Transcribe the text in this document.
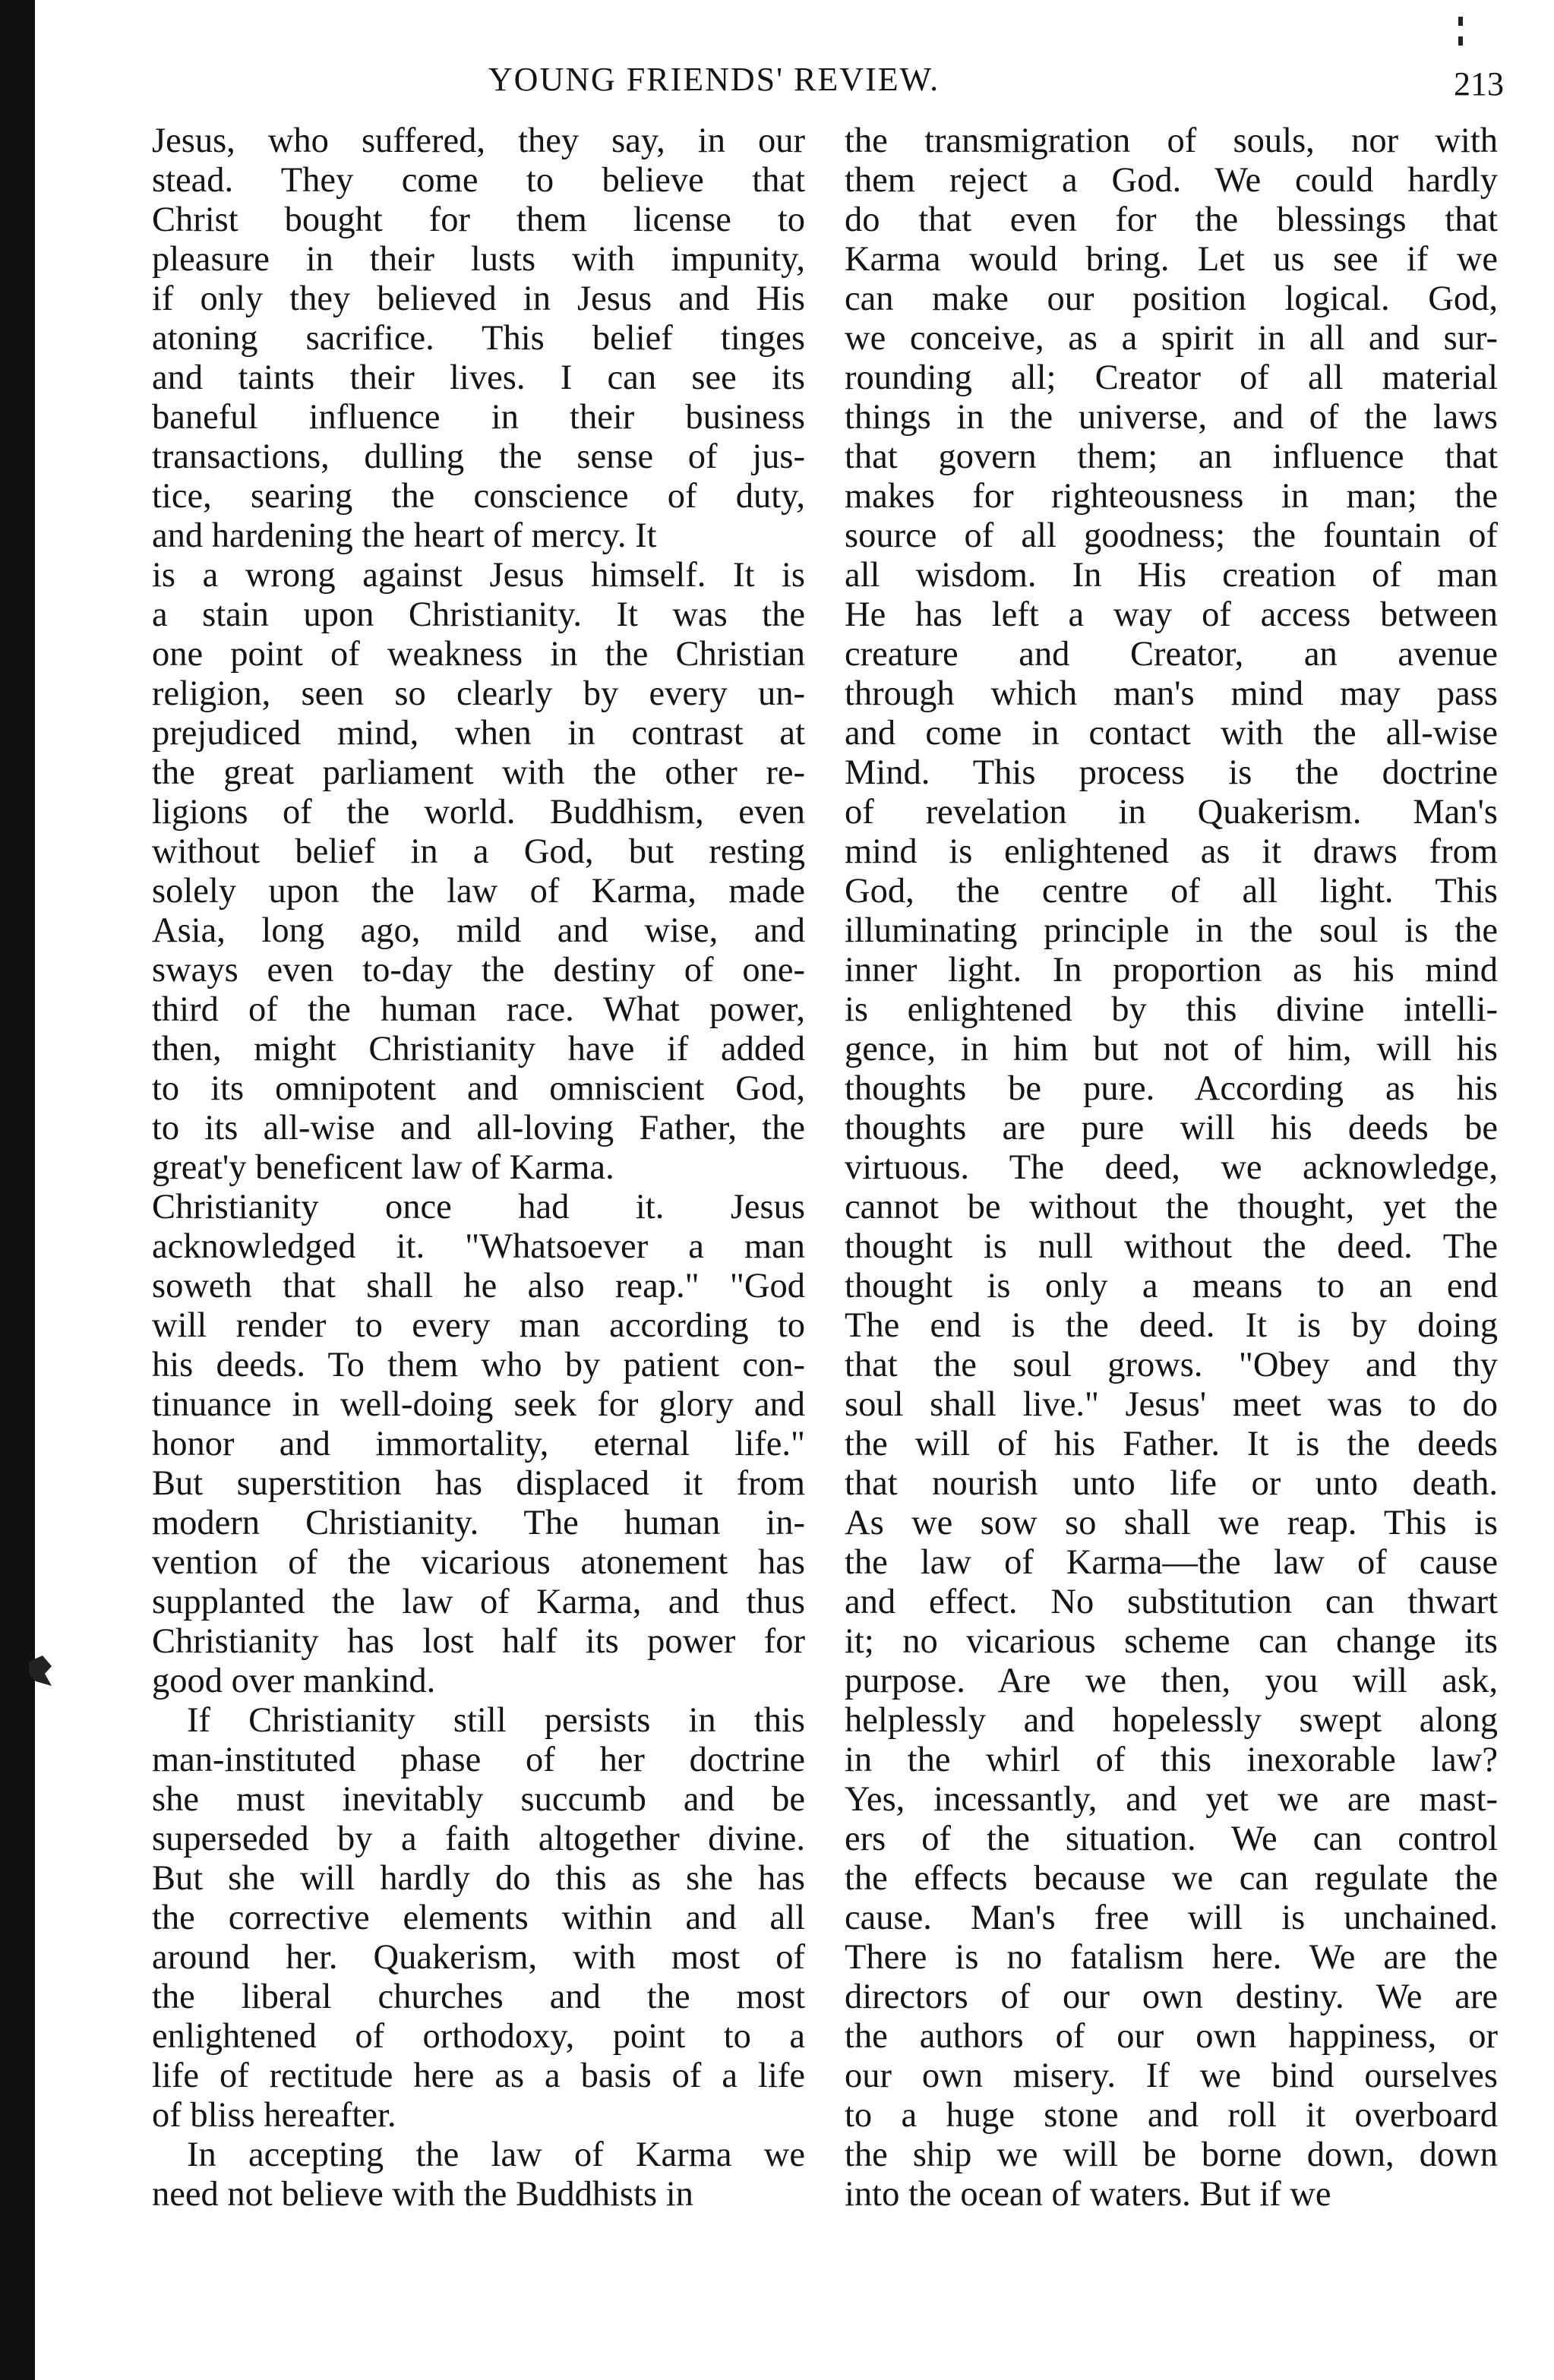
YOUNG FRIENDS' REVIEW.	213
Jesus, who suffered, they say, in our
stead. They come to believe that
Christ bought for them license to
pleasure in their lusts with impunity,
if only they believed in Jesus and His
atoning sacrifice. This belief tinges
and taints their lives. I can see its
baneful influence in their business
transactions, dulling the sense of jus-
tice, searing the conscience of duty,
and hardening the heart of mercy. It
is a wrong against Jesus himself. It is
a stain upon Christianity. It was the
one point of weakness in the Christian
religion, seen so clearly by every un-
prejudiced mind, when in contrast at
the great parliament with the other re-
ligions of the world. Buddhism, even
without belief in a God, but resting
solely upon the law of Karma, made
Asia, long ago, mild and wise, and
sways even to-day the destiny of one-
third of the human race. What power,
then, might Christianity have if added
to its omnipotent and omniscient God,
to its all-wise and all-loving Father, the
great'y beneficent law of Karma.
Christianity once had it. Jesus
acknowledged it. "Whatsoever a man
soweth that shall he also reap." "God
will render to every man according to
his deeds. To them who by patient con-
tinuance in well-doing seek for glory and
honor and immortality, eternal life."
But superstition has displaced it from
modern Christianity. The human in-
vention of the vicarious atonement has
supplanted the law of Karma, and thus
Christianity has lost half its power for
good over mankind.
If Christianity still persists in this
man-instituted phase of her doctrine
she must inevitably succumb and be
superseded by a faith altogether divine.
But she will hardly do this as she has
the corrective elements within and all
around her. Quakerism, with most of
the liberal churches and the most
enlightened of orthodoxy, point to a
life of rectitude here as a basis of a life
of bliss hereafter.
In accepting the law of Karma we
need not believe with the Buddhists in
the transmigration of souls, nor with
them reject a God. We could hardly
do that even for the blessings that
Karma would bring. Let us see if we
can make our position logical. God,
we conceive, as a spirit in all and sur-
rounding all; Creator of all material
things in the universe, and of the laws
that govern them; an influence that
makes for righteousness in man; the
source of all goodness; the fountain of
all wisdom. In His creation of man
He has left a way of access between
creature and Creator, an avenue
through which man's mind may pass
and come in contact with the all-wise
Mind. This process is the doctrine
of revelation in Quakerism. Man's
mind is enlightened as it draws from
God, the centre of all light. This
illuminating principle in the soul is the
inner light. In proportion as his mind
is enlightened by this divine intelli-
gence, in him but not of him, will his
thoughts be pure. According as his
thoughts are pure will his deeds be
virtuous. The deed, we acknowledge,
cannot be without the thought, yet the
thought is null without the deed. The
thought is only a means to an end
The end is the deed. It is by doing
that the soul grows. "Obey and thy
soul shall live." Jesus' meet was to do
the will of his Father. It is the deeds
that nourish unto life or unto death.
As we sow so shall we reap. This is
the law of Karma—the law of cause
and effect. No substitution can thwart
it; no vicarious scheme can change its
purpose. Are we then, you will ask,
helplessly and hopelessly swept along
in the whirl of this inexorable law?
Yes, incessantly, and yet we are mast-
ers of the situation. We can control
the effects because we can regulate the
cause. Man's free will is unchained.
There is no fatalism here. We are the
directors of our own destiny. We are
the authors of our own happiness, or
our own misery. If we bind ourselves
to a huge stone and roll it overboard
the ship we will be borne down, down
into the ocean of waters. But if we
